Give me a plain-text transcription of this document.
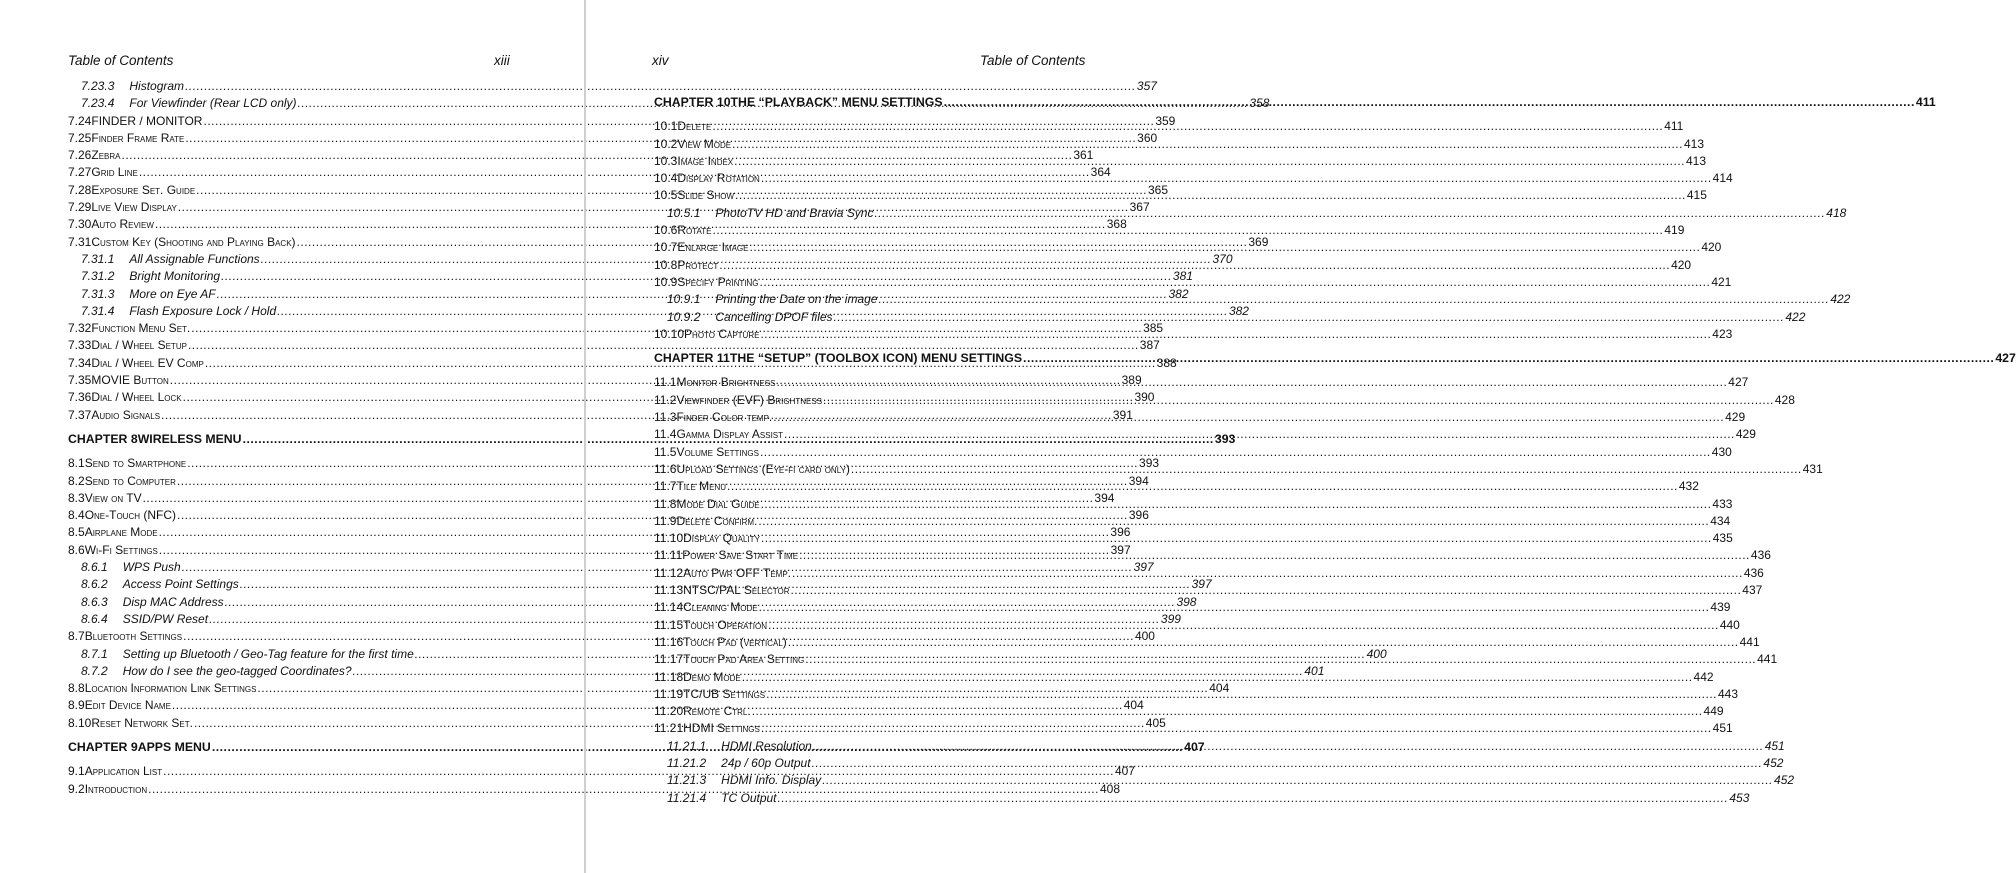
Table of Contents	xiii
7.23.3	Histogram .....	357
7.23.4	For Viewfinder (Rear LCD only) .....	358
7.24 FINDER / MONITOR .....	359
7.25 Finder Frame Rate .....	360
7.26 Zebra .....	361
7.27 Grid Line .....	364
7.28 Exposure Set. Guide .....	365
7.29 Live View Display .....	367
7.30 Auto Review .....	368
7.31 Custom Key (Shooting and Playing Back) .....	369
7.31.1	All Assignable Functions .....	370
7.31.2	Bright Monitoring .....	381
7.31.3	More on Eye AF .....	382
7.31.4	Flash Exposure Lock / Hold .....	382
7.32 Function Menu Set. .....	385
7.33 Dial / Wheel Setup .....	387
7.34 Dial / Wheel EV Comp .....	388
7.35 MOVIE Button .....	389
7.36 Dial / Wheel Lock .....	390
7.37 Audio Signals .....	391
CHAPTER 8 WIRELESS MENU .....	393
8.1 Send to Smartphone .....	393
8.2 Send to Computer .....	394
8.3 View on TV .....	394
8.4 One-Touch (NFC) .....	396
8.5 Airplane Mode .....	396
8.6 Wi-Fi Settings .....	397
8.6.1	WPS Push .....	397
8.6.2	Access Point Settings .....	397
8.6.3	Disp MAC Address .....	398
8.6.4	SSID/PW Reset .....	399
8.7 Bluetooth Settings .....	400
8.7.1	Setting up Bluetooth / Geo-Tag feature for the first time .....	400
8.7.2	How do I see the geo-tagged Coordinates? .....	401
8.8 Location Information Link Settings .....	404
8.9 Edit Device Name .....	404
8.10 Reset Network Set. .....	405
CHAPTER 9 APPS MENU .....	407
9.1 Application List .....	407
9.2 Introduction .....	408
xiv	Table of Contents
CHAPTER 10 THE “PLAYBACK” MENU SETTINGS .....	411
10.1 Delete .....	411
10.2 View Mode .....	413
10.3 Image Index .....	413
10.4 Display Rotation .....	414
10.5 Slide Show .....	415
10.5.1	PhotoTV HD and Bravia Sync .....	418
10.6 Rotate .....	419
10.7 Enlarge Image .....	420
10.8 Protect .....	420
10.9 Specify Printing .....	421
10.9.1	Printing the Date on the image .....	422
10.9.2	Cancelling DPOF files .....	422
10.10 Photo Capture .....	423
CHAPTER 11 THE “SETUP” (TOOLBOX ICON) MENU SETTINGS .....	427
11.1 Monitor Brightness .....	427
11.2 Viewfinder (EVF) Brightness .....	428
11.3 Finder Color temp. .....	429
11.4 Gamma Display Assist .....	429
11.5 Volume Settings .....	430
11.6 Upload Settings (Eye-fi card only) .....	431
11.7 Tile Menu .....	432
11.8 Mode Dial Guide .....	433
11.9 Delete Confirm. .....	434
11.10 Display Quality .....	435
11.11 Power Save Start Time .....	436
11.12 Auto Pwr OFF Temp. .....	436
11.13 NTSC/PAL Selector .....	437
11.14 Cleaning Mode .....	439
11.15 Touch Operation .....	440
11.16 Touch Pad (vertical) .....	441
11.17 Touch Pad Area Setting .....	441
11.18 Demo Mode .....	442
11.19 TC/UB Settings .....	443
11.20 Remote Ctrl. .....	449
11.21 HDMI Settings .....	451
11.21.1	HDMI Resolution .....	451
11.21.2	24p / 60p Output .....	452
11.21.3	HDMI Info. Display .....	452
11.21.4	TC Output .....	453
